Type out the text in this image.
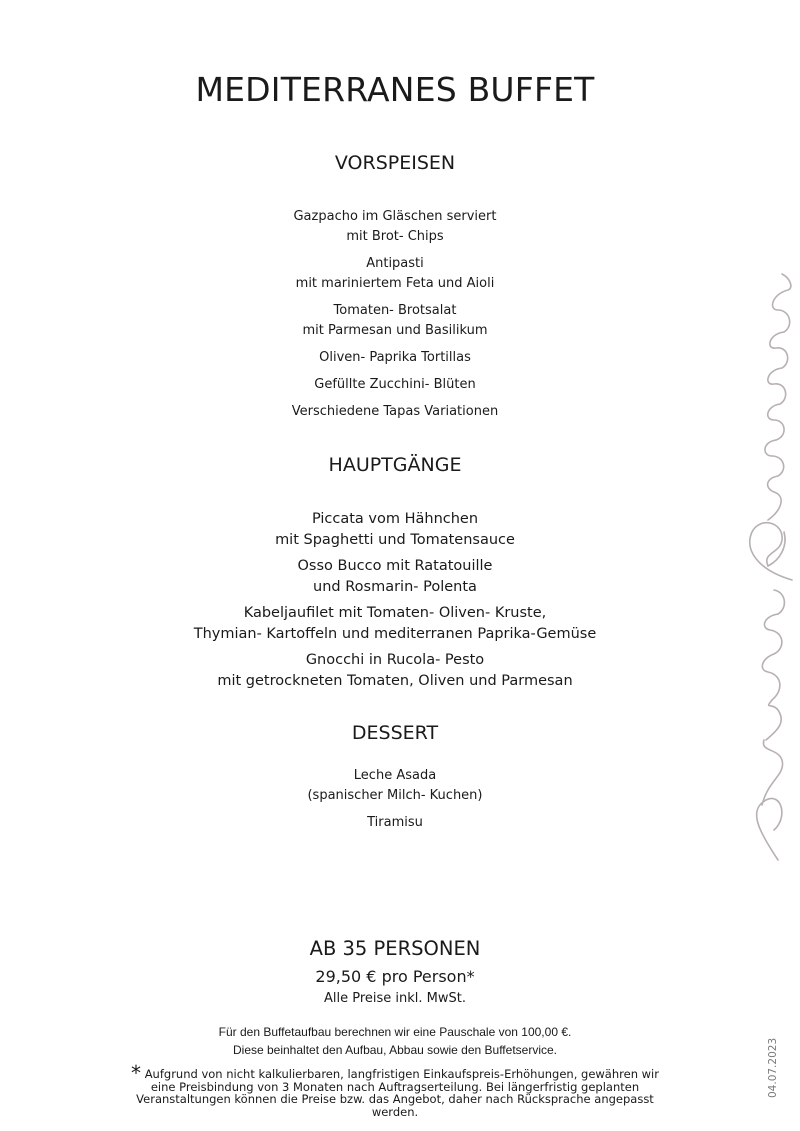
MEDITERRANES BUFFET
VORSPEISEN
Gazpacho im Gläschen serviert
mit Brot- Chips
Antipasti
mit mariniertem Feta und Aioli
Tomaten- Brotsalat
mit Parmesan und Basilikum
Oliven- Paprika Tortillas
Gefüllte Zucchini- Blüten
Verschiedene Tapas Variationen
HAUPTGÄNGE
Piccata vom Hähnchen
mit Spaghetti und Tomatensauce
Osso Bucco mit Ratatouille
und Rosmarin- Polenta
Kabeljaufilet mit Tomaten- Oliven- Kruste,
Thymian- Kartoffeln und mediterranen Paprika-Gemüse
Gnocchi in Rucola- Pesto
mit getrockneten Tomaten, Oliven und Parmesan
DESSERT
Leche Asada
(spanischer Milch- Kuchen)
Tiramisu
AB 35 PERSONEN
29,50 € pro Person*
Alle Preise inkl. MwSt.
Für den Buffetaufbau berechnen wir eine Pauschale von 100,00 €.
Diese beinhaltet den Aufbau, Abbau sowie den Buffetservice.
* Aufgrund von nicht kalkulierbaren, langfristigen Einkaufspreis-Erhöhungen, gewähren wir eine Preisbindung von 3 Monaten nach Auftragserteilung. Bei längerfristig geplanten Veranstaltungen können die Preise bzw. das Angebot, daher nach Rücksprache angepasst werden.
04.07.2023
